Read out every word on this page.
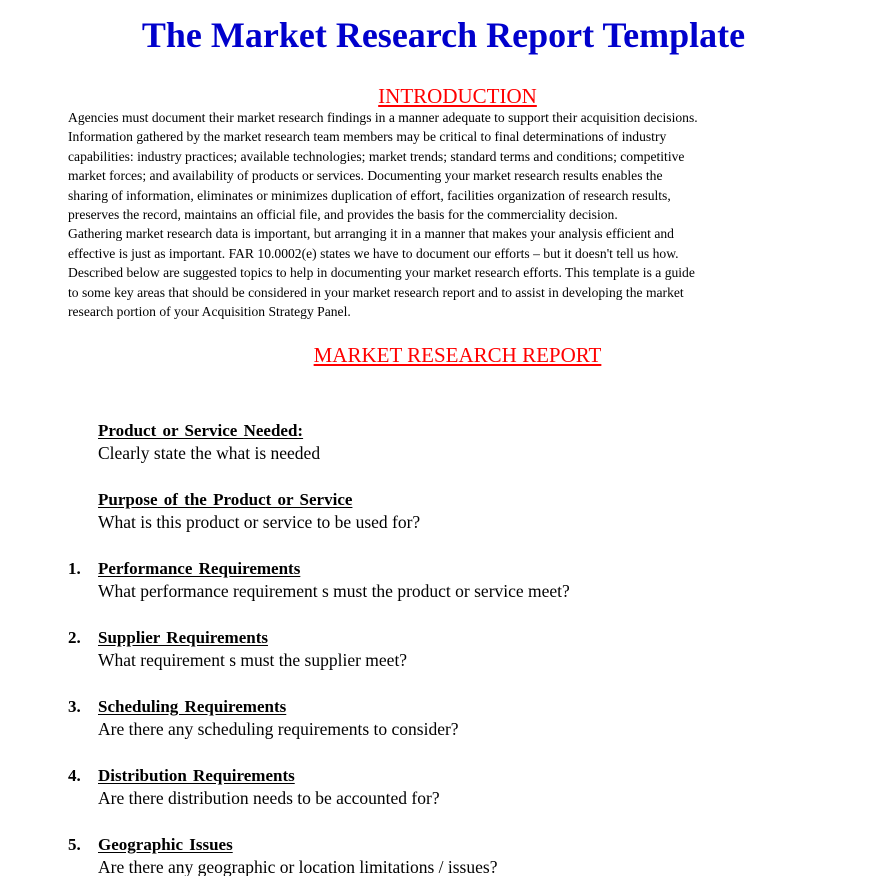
The Market Research Report Template
INTRODUCTION
Agencies must document their market research findings in a manner adequate to support their acquisition decisions.
Information gathered by the market research team members may be critical to final determinations of industry
capabilities: industry practices; available technologies; market trends; standard terms and conditions; competitive
market forces; and availability of products or services. Documenting your market research results enables the
sharing of information, eliminates or minimizes duplication of effort, facilities organization of research results,
preserves the record, maintains an official file, and provides the basis for the commerciality decision.
Gathering market research data is important, but arranging it in a manner that makes your analysis efficient and
effective is just as important. FAR 10.0002(e) states we have to document our efforts – but it doesn't tell us how.
Described below are suggested topics to help in documenting your market research efforts. This template is a guide
to some key areas that should be considered in your market research report and to assist in developing the market
research portion of your Acquisition Strategy Panel.
MARKET RESEARCH REPORT
Product or Service Needed:
Clearly state the what is needed
Purpose of the Product or Service
What is this product or service to be used for?
1. Performance Requirements
What performance requirement s must the product or service meet?
2. Supplier Requirements
What requirement s must the supplier meet?
3. Scheduling Requirements
Are there any scheduling requirements to consider?
4. Distribution Requirements
Are there distribution needs to be accounted for?
5. Geographic Issues
Are there any geographic or location limitations / issues?
